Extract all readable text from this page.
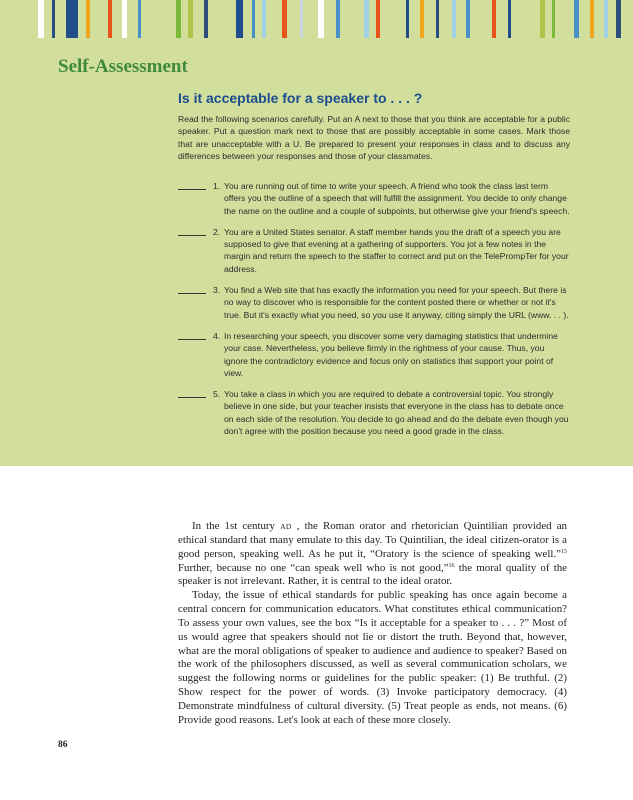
Self-Assessment
Is it acceptable for a speaker to . . . ?

Read the following scenarios carefully. Put an A next to those that you think are acceptable for a public speaker. Put a question mark next to those that are possibly acceptable in some cases. Mark those that are unacceptable with a U. Be prepared to present your responses in class and to discuss any differences between your responses and those of your classmates.

1. You are running out of time to write your speech. A friend who took the class last term offers you the outline of a speech that will fulfill the assignment. You decide to only change the name on the outline and a couple of subpoints, but otherwise give your friend's speech.
2. You are a United States senator. A staff member hands you the draft of a speech you are supposed to give that evening at a gathering of supporters. You jot a few notes in the margin and return the speech to the staffer to correct and put on the TelePrompTer for your address.
3. You find a Web site that has exactly the information you need for your speech. But there is no way to discover who is responsible for the content posted there or whether or not it's true. But it's exactly what you need, so you use it anyway, citing simply the URL (www. . . ).
4. In researching your speech, you discover some very damaging statistics that undermine your case. Nevertheless, you believe firmly in the rightness of your cause. Thus, you ignore the contradictory evidence and focus only on statistics that support your point of view.
5. You take a class in which you are required to debate a controversial topic. You strongly believe in one side, but your teacher insists that everyone in the class has to debate once on each side of the resolution. You decide to go ahead and do the debate even though you don't agree with the position because you need a good grade in the class.

In the 1st century AD , the Roman orator and rhetorician Quintilian provided an ethical standard that many emulate to this day. To Quintilian, the ideal citizen-orator is a good person, speaking well. As he put it, “Oratory is the science of speaking well.”$^{15}$ Further, because no one “can speak well who is not good,”$^{16}$ the moral quality of the speaker is not irrelevant. Rather, it is central to the ideal orator.

Today, the issue of ethical standards for public speaking has once again become a central concern for communication educators. What constitutes ethical communication? To assess your own values, see the box “Is it acceptable for a speaker to . . . ?” Most of us would agree that speakers should not lie or distort the truth. Beyond that, however, what are the moral obligations of speaker to audience and audience to speaker? Based on the work of the philosophers discussed, as well as several communication scholars, we suggest the following norms or guidelines for the public speaker: (1) Be truthful. (2) Show respect for the power of words. (3) Invoke participatory democracy. (4) Demonstrate mindfulness of cultural diversity. (5) Treat people as ends, not means. (6) Provide good reasons. Let's look at each of these more closely.

86
